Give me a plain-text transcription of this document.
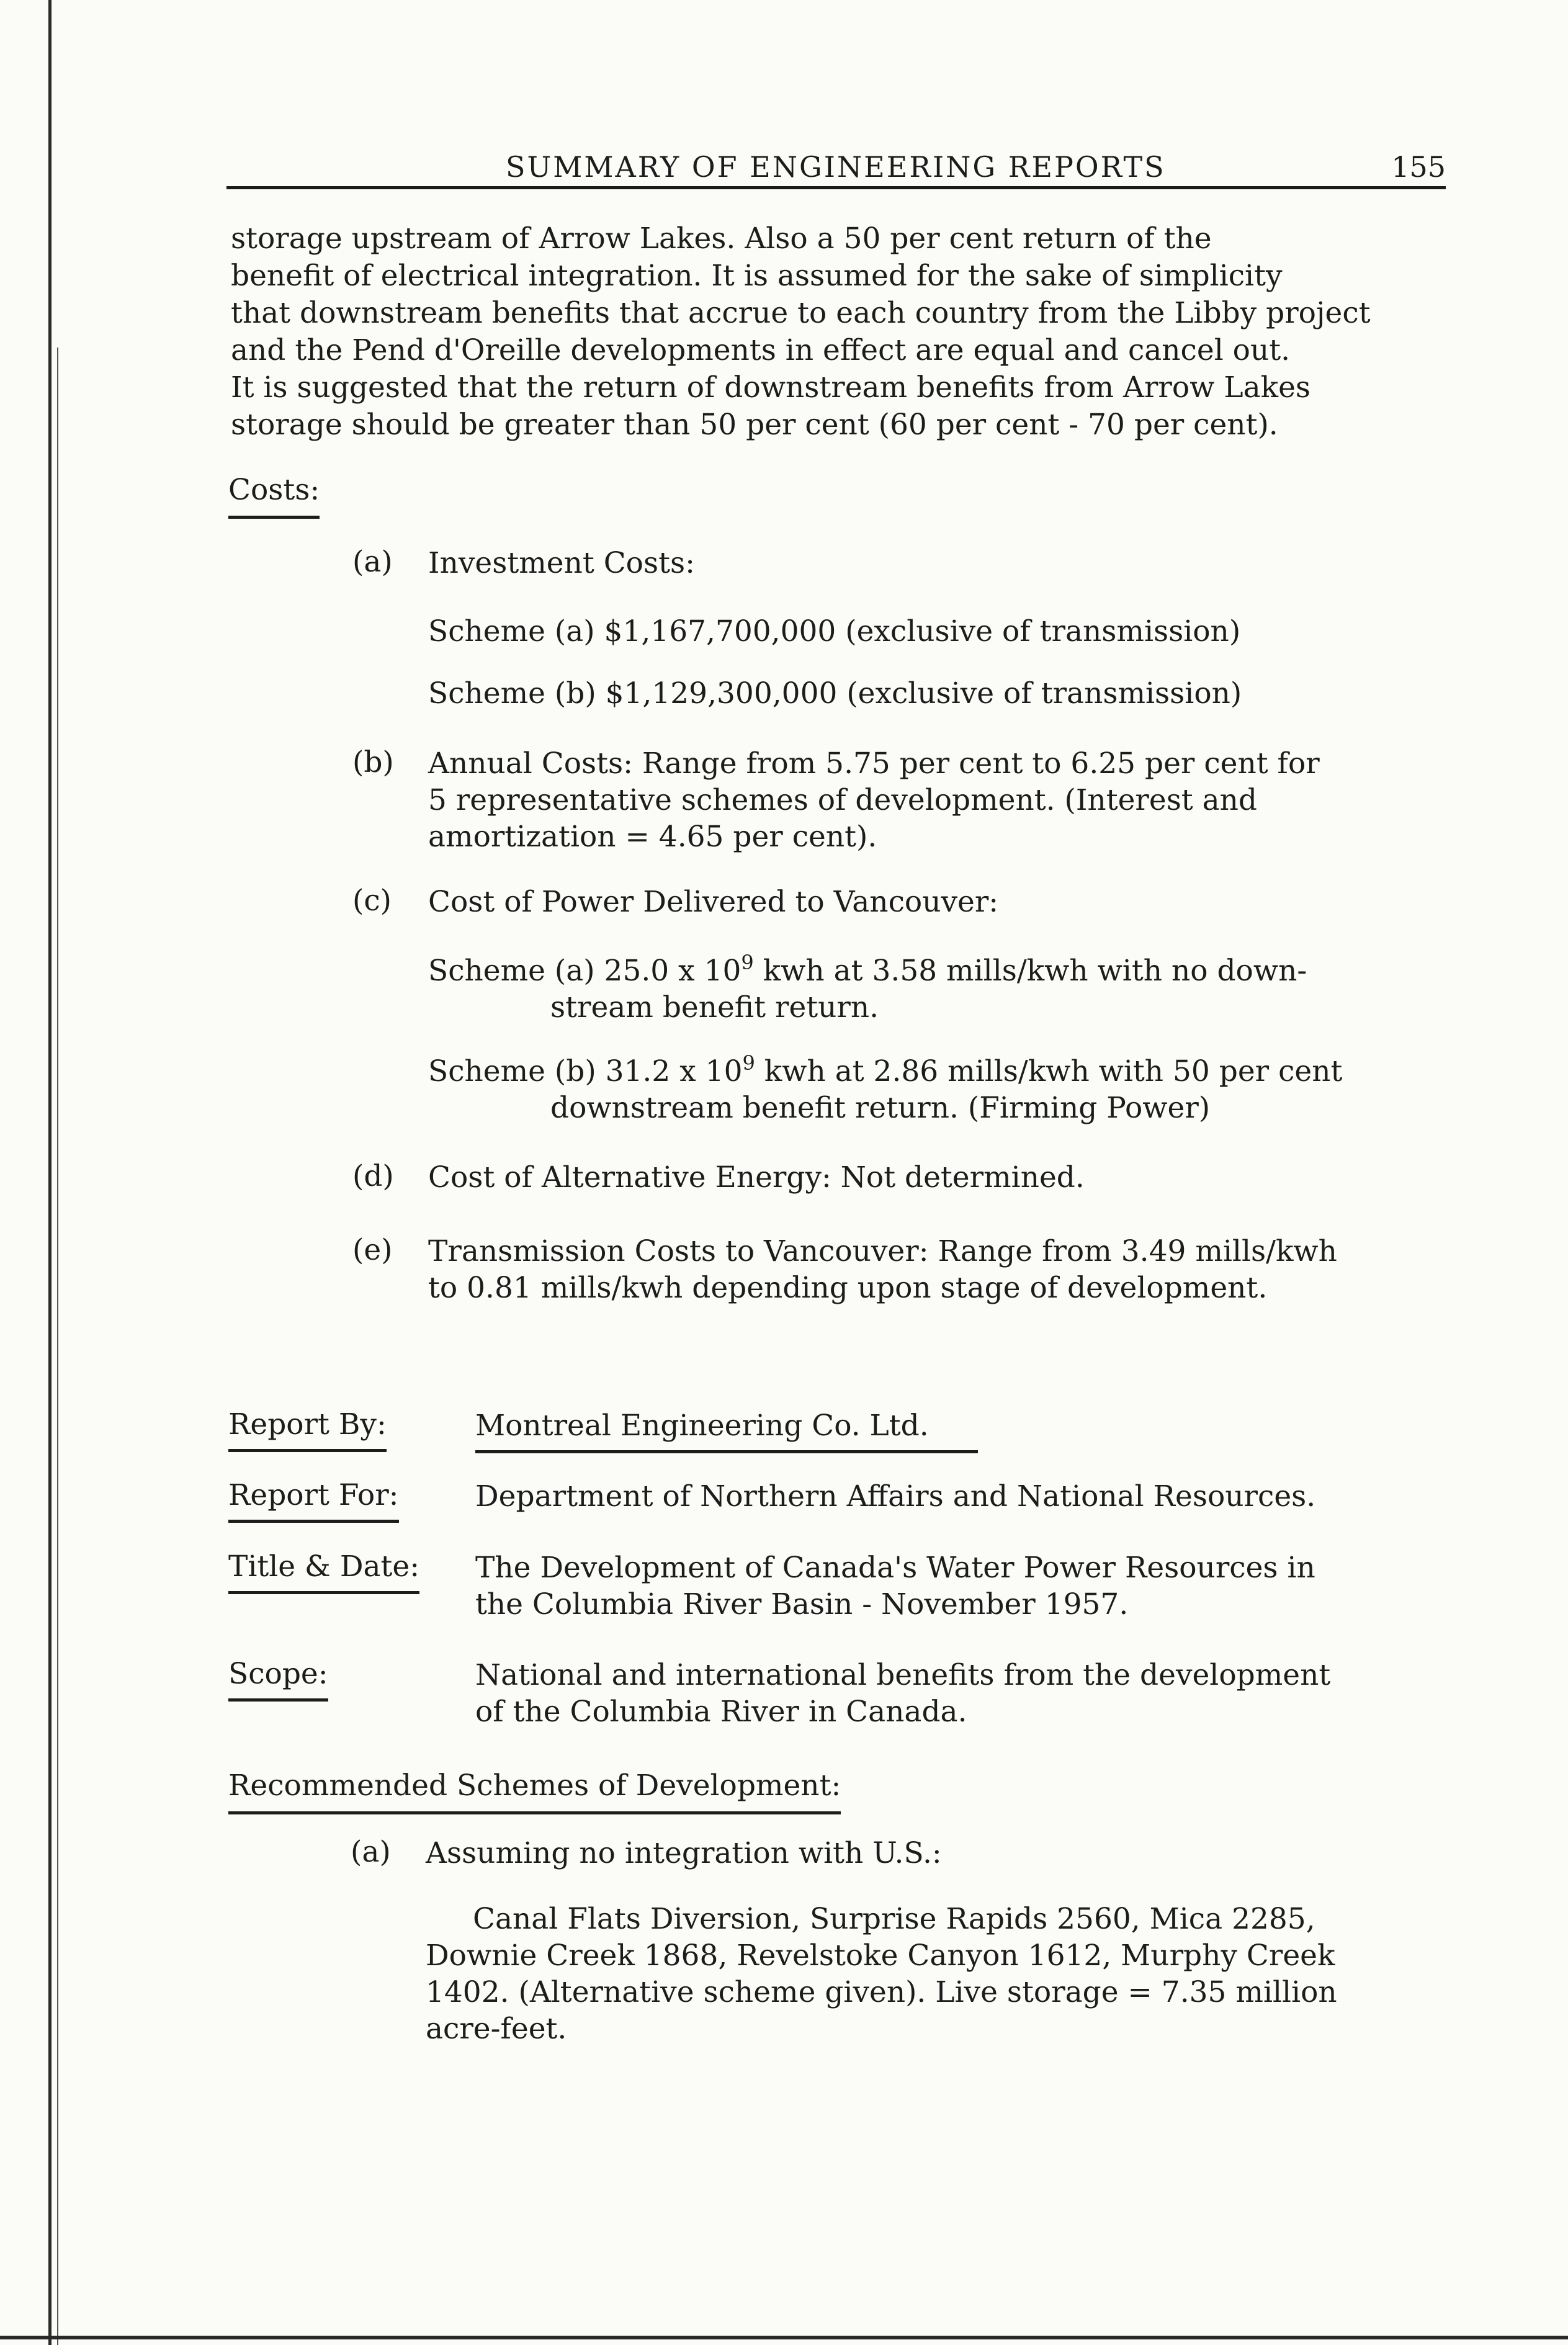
SUMMARY OF ENGINEERING REPORTS	155
storage upstream of Arrow Lakes. Also a 50 per cent return of the
benefit of electrical integration. It is assumed for the sake of simplicity
that downstream benefits that accrue to each country from the Libby project
and the Pend d'Oreille developments in effect are equal and cancel out.
It is suggested that the return of downstream benefits from Arrow Lakes
storage should be greater than 50 per cent (60 per cent - 70 per cent).
Costs:
(a) Investment Costs:
Scheme (a) $1,167,700,000 (exclusive of transmission)
Scheme (b) $1,129,300,000 (exclusive of transmission)
(b) Annual Costs: Range from 5.75 per cent to 6.25 per cent for
5 representative schemes of development. (Interest and
amortization = 4.65 per cent).
(c) Cost of Power Delivered to Vancouver:
Scheme (a) 25.0 x $10^9$ kwh at 3.58 mills/kwh with no down-
stream benefit return.
Scheme (b) 31.2 x $10^9$ kwh at 2.86 mills/kwh with 50 per cent
downstream benefit return. (Firming Power)
(d) Cost of Alternative Energy: Not determined.
(e) Transmission Costs to Vancouver: Range from 3.49 mills/kwh
to 0.81 mills/kwh depending upon stage of development.
Report By:	Montreal Engineering Co. Ltd.
Report For:	Department of Northern Affairs and National Resources.
Title & Date: The Development of Canada's Water Power Resources in
the Columbia River Basin - November 1957.
Scope:	National and international benefits from the development
of the Columbia River in Canada.
Recommended Schemes of Development:
(a) Assuming no integration with U.S.:
Canal Flats Diversion, Surprise Rapids 2560, Mica 2285,
Downie Creek 1868, Revelstoke Canyon 1612, Murphy Creek
1402. (Alternative scheme given). Live storage = 7.35 million
acre-feet.
